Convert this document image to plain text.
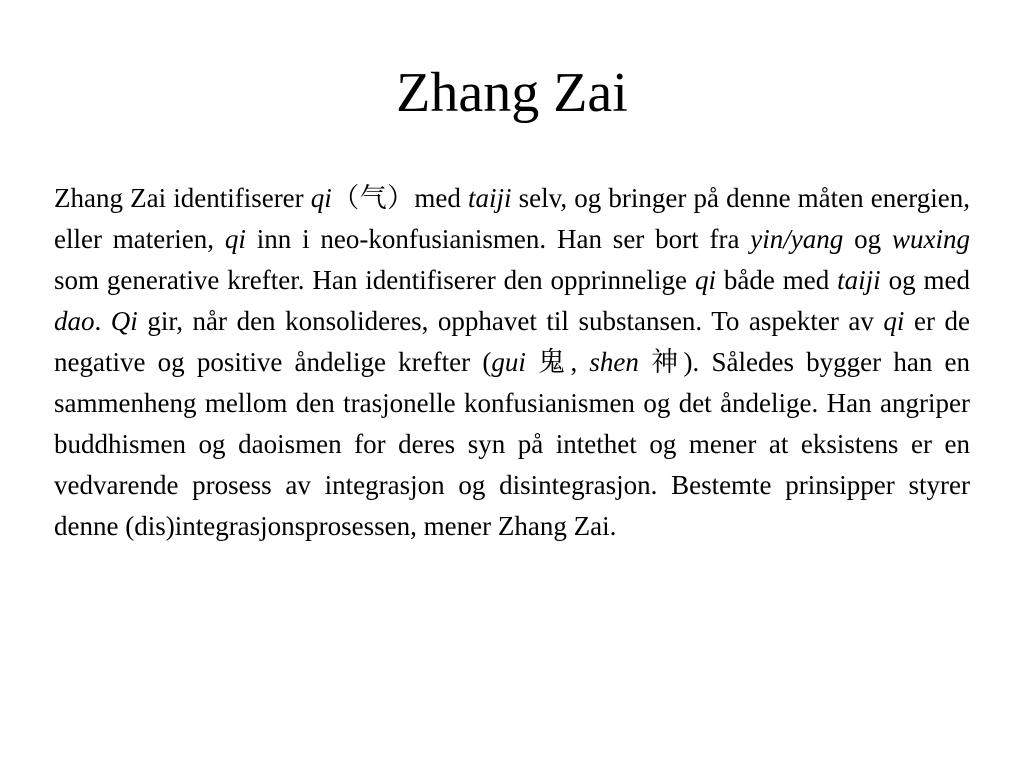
Zhang Zai

Zhang Zai identifiserer qi（气）med taiji selv, og bringer på denne måten energien, eller materien, qi inn i neo-konfusianismen. Han ser bort fra yin/yang og wuxing som generative krefter. Han identifiserer den opprinnelige qi både med taiji og med dao. Qi gir, når den konsolideres, opphavet til substansen. To aspekter av qi er de negative og positive åndelige krefter (gui 鬼, shen 神). Således bygger han en sammenheng mellom den trasjonelle konfusianismen og det åndelige. Han angriper buddhismen og daoismen for deres syn på intethet og mener at eksistens er en vedvarende prosess av integrasjon og disintegrasjon. Bestemte prinsipper styrer denne (dis)integrasjonsprosessen, mener Zhang Zai.
